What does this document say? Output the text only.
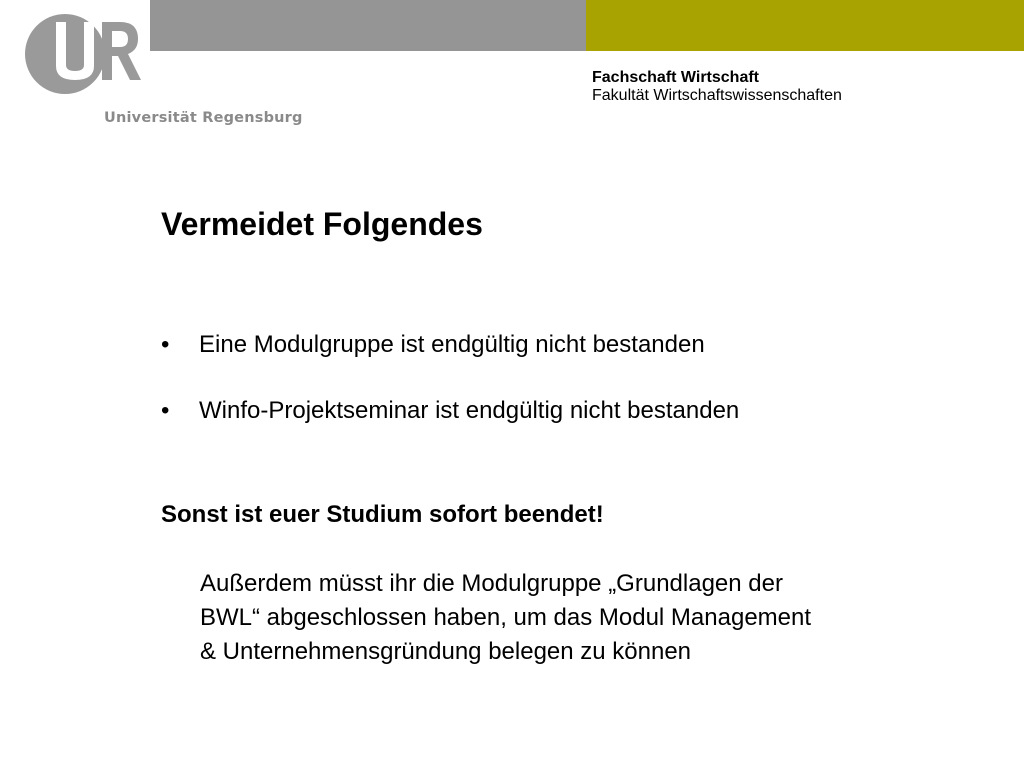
Universität Regensburg
Fachschaft Wirtschaft
Fakultät Wirtschaftswissenschaften
Vermeidet Folgendes
•	Eine Modulgruppe ist endgültig nicht bestanden
•	Winfo-Projektseminar ist endgültig nicht bestanden
Sonst ist euer Studium sofort beendet!
Außerdem müsst ihr die Modulgruppe „Grundlagen der
BWL“ abgeschlossen haben, um das Modul Management
& Unternehmensgründung belegen zu können
